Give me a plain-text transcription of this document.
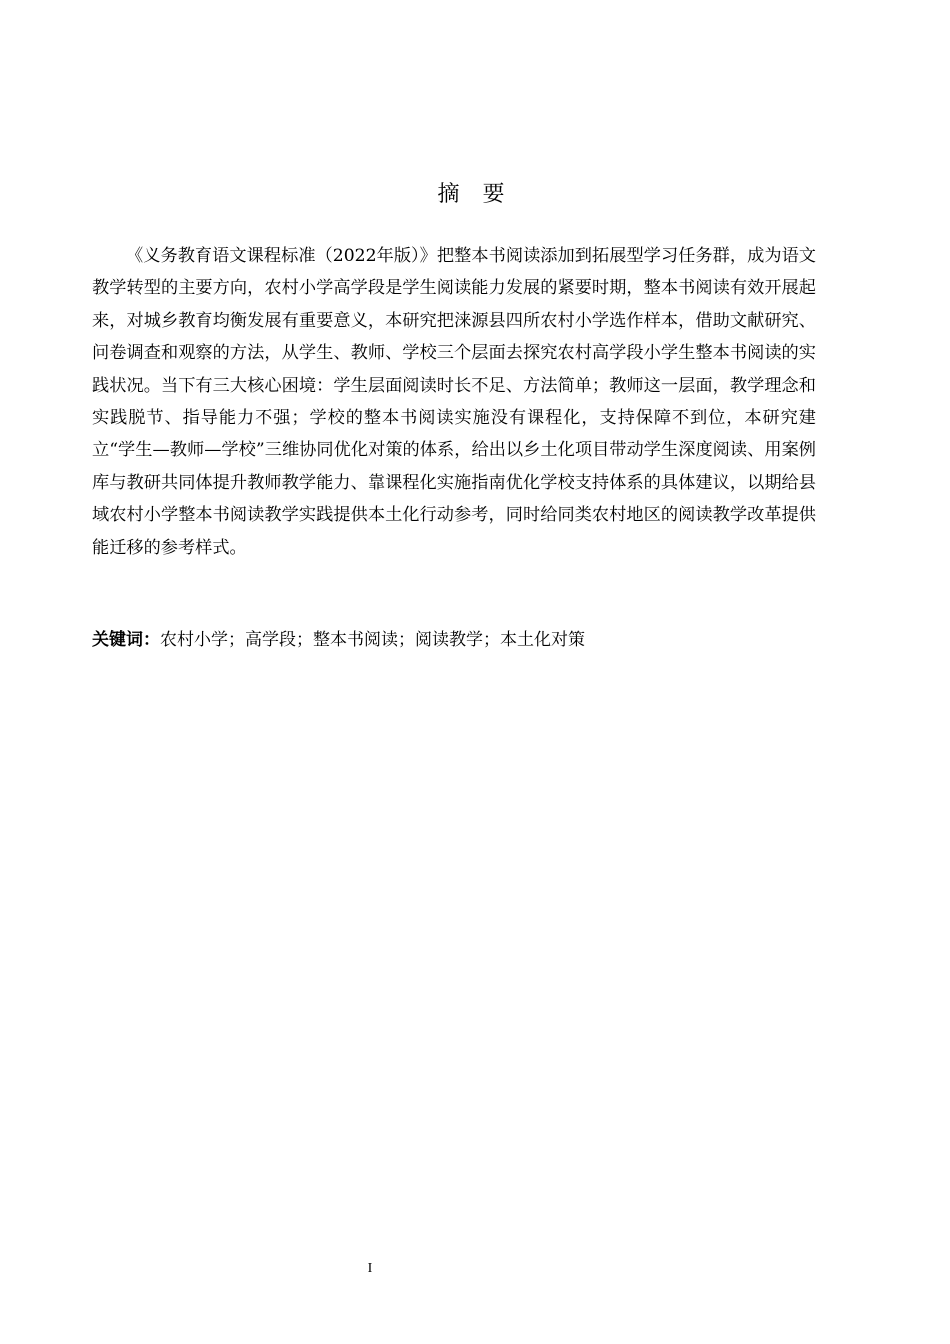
摘 要

《义务教育语文课程标准（2022年版）》把整本书阅读添加到拓展型学习任务群，成为语文教学转型的主要方向，农村小学高学段是学生阅读能力发展的紧要时期，整本书阅读有效开展起来，对城乡教育均衡发展有重要意义，本研究把涞源县四所农村小学选作样本，借助文献研究、问卷调查和观察的方法，从学生、教师、学校三个层面去探究农村高学段小学生整本书阅读的实践状况。当下有三大核心困境：学生层面阅读时长不足、方法简单；教师这一层面，教学理念和实践脱节、指导能力不强；学校的整本书阅读实施没有课程化，支持保障不到位，本研究建立“学生—教师—学校”三维协同优化对策的体系，给出以乡土化项目带动学生深度阅读、用案例库与教研共同体提升教师教学能力、靠课程化实施指南优化学校支持体系的具体建议，以期给县域农村小学整本书阅读教学实践提供本土化行动参考，同时给同类农村地区的阅读教学改革提供能迁移的参考样式。

关键词：农村小学；高学段；整本书阅读；阅读教学；本土化对策
I
